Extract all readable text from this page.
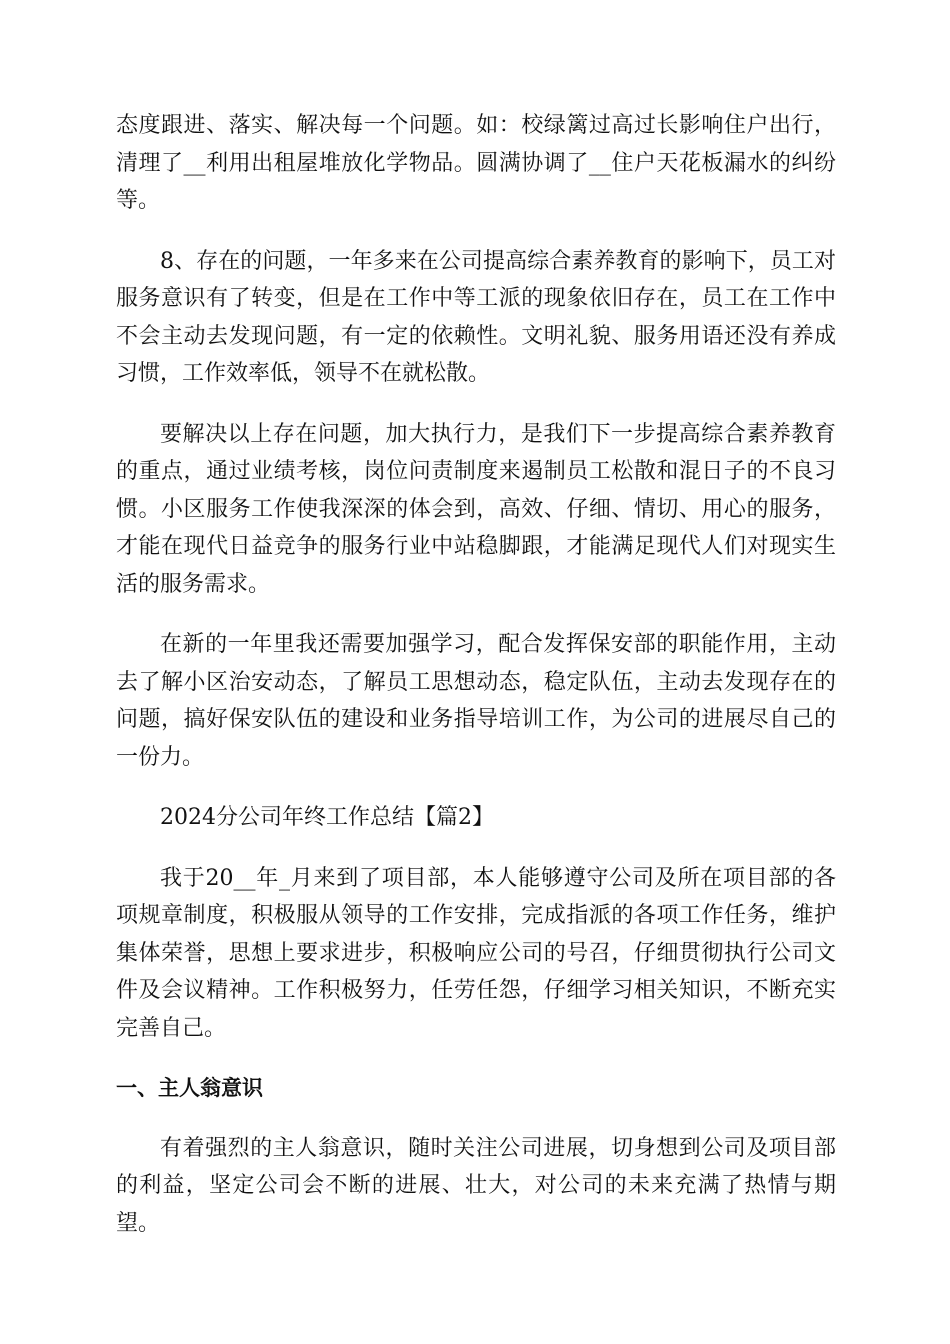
态度跟进、落实、解决每一个问题。如：校绿篱过高过长影响住户出行，清理了__利用出租屋堆放化学物品。圆满协调了__住户天花板漏水的纠纷等。

8、存在的问题，一年多来在公司提高综合素养教育的影响下，员工对服务意识有了转变，但是在工作中等工派的现象依旧存在，员工在工作中不会主动去发现问题，有一定的依赖性。文明礼貌、服务用语还没有养成习惯，工作效率低，领导不在就松散。

要解决以上存在问题，加大执行力，是我们下一步提高综合素养教育的重点，通过业绩考核，岗位问责制度来遏制员工松散和混日子的不良习惯。小区服务工作使我深深的体会到，高效、仔细、情切、用心的服务，才能在现代日益竞争的服务行业中站稳脚跟，才能满足现代人们对现实生活的服务需求。

在新的一年里我还需要加强学习，配合发挥保安部的职能作用，主动去了解小区治安动态，了解员工思想动态，稳定队伍，主动去发现存在的问题，搞好保安队伍的建设和业务指导培训工作，为公司的进展尽自己的一份力。

2024分公司年终工作总结【篇2】

我于20__年_月来到了项目部，本人能够遵守公司及所在项目部的各项规章制度，积极服从领导的工作安排，完成指派的各项工作任务，维护集体荣誉，思想上要求进步，积极响应公司的号召，仔细贯彻执行公司文件及会议精神。工作积极努力，任劳任怨，仔细学习相关知识，不断充实完善自己。

一、主人翁意识

有着强烈的主人翁意识，随时关注公司进展，切身想到公司及项目部的利益，坚定公司会不断的进展、壮大，对公司的未来充满了热情与期望。
